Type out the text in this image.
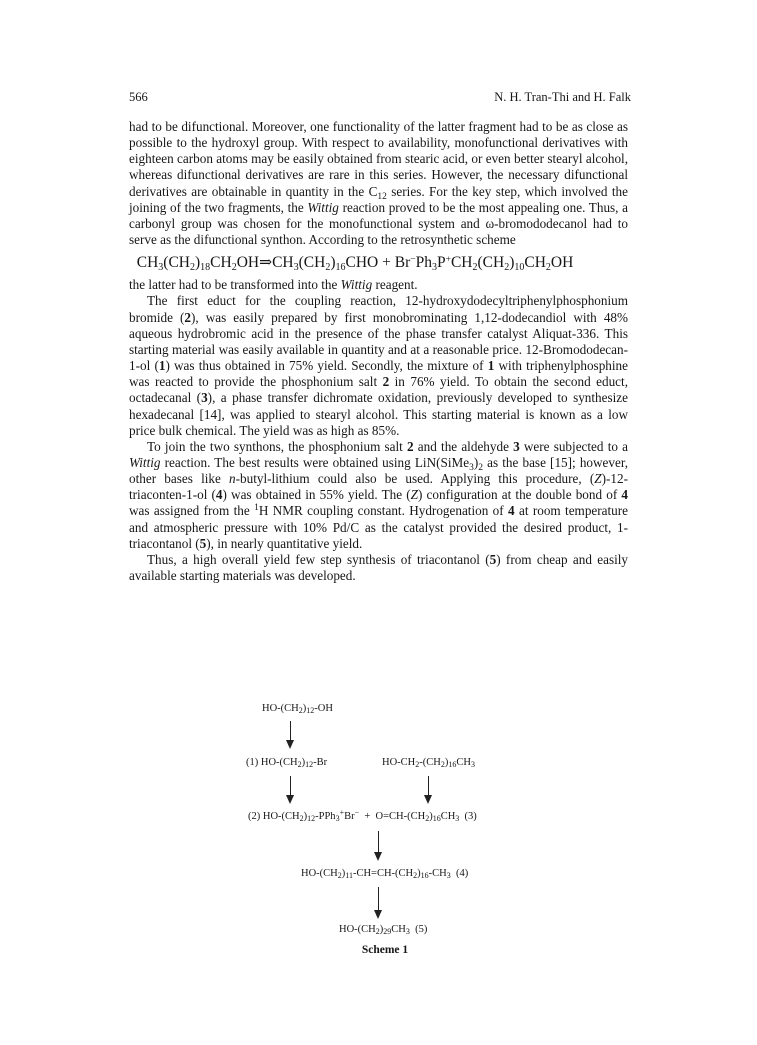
566	N. H. Tran-Thi and H. Falk

had to be difunctional. Moreover, one functionality of the latter fragment had to be as close as possible to the hydroxyl group. With respect to availability, monofunctional derivatives with eighteen carbon atoms may be easily obtained from stearic acid, or even better stearyl alcohol, whereas difunctional derivatives are rare in this series. However, the necessary difunctional derivatives are obtainable in quantity in the $C_{12}$ series. For the key step, which involved the joining of the two fragments, the Wittig reaction proved to be the most appealing one. Thus, a carbonyl group was chosen for the monofunctional system and ω-bromododecanol had to serve as the difunctional synthon. According to the retrosynthetic scheme

$CH_3(CH_2)_{18}CH_2OH\Rightarrow CH_3(CH_2)_{16}CHO + Br^-Ph_3P^+CH_2(CH_2)_{10}CH_2OH$

the latter had to be transformed into the Wittig reagent.

The first educt for the coupling reaction, 12-hydroxydodecyltriphenylphosphonium bromide (2), was easily prepared by first monobrominating 1,12-dodecandiol with 48% aqueous hydrobromic acid in the presence of the phase transfer catalyst Aliquat-336. This starting material was easily available in quantity and at a reasonable price. 12-Bromododecan-1-ol (1) was thus obtained in 75% yield. Secondly, the mixture of 1 with triphenylphosphine was reacted to provide the phosphonium salt 2 in 76% yield. To obtain the second educt, octadecanal (3), a phase transfer dichromate oxidation, previously developed to synthesize hexadecanal [14], was applied to stearyl alcohol. This starting material is known as a low price bulk chemical. The yield was as high as 85%.

To join the two synthons, the phosphonium salt 2 and the aldehyde 3 were subjected to a Wittig reaction. The best results were obtained using $LiN(SiMe_3)_2$ as the base [15]; however, other bases like n-butyl-lithium could also be used. Applying this procedure, (Z)-12-triaconten-1-ol (4) was obtained in 55% yield. The (Z) configuration at the double bond of 4 was assigned from the $^1$H NMR coupling constant. Hydrogenation of 4 at room temperature and atmospheric pressure with 10% Pd/C as the catalyst provided the desired product, 1-triacontanol (5), in nearly quantitative yield.

Thus, a high overall yield few step synthesis of triacontanol (5) from cheap and easily available starting materials was developed.

$HO-(CH_2)_{12}-OH$
(1) $HO-(CH_2)_{12}-Br$	$HO-CH_2-(CH_2)_{16}CH_3$
(2) $HO-(CH_2)_{12}-PPh_3^+Br^- + O=CH-(CH_2)_{16}CH_3$  (3)
$HO-(CH_2)_{11}-CH=CH-(CH_2)_{16}-CH_3$  (4)
$HO-(CH_2)_{29}CH_3$  (5)
Scheme 1
